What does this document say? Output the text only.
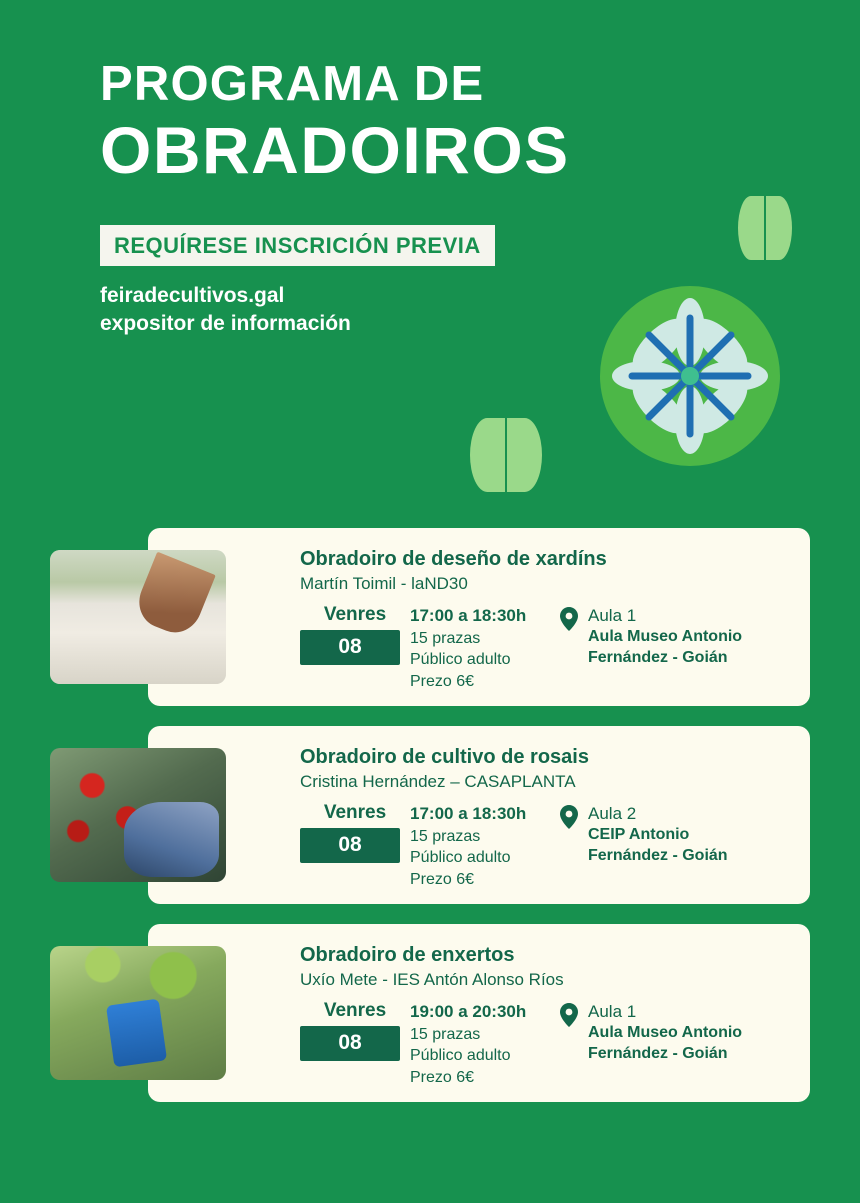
PROGRAMA DE
OBRADOIROS
REQUÍRESE INSCRICIÓN PREVIA
feiradecultivos.gal
expositor de información
Obradoiro de deseño de xardíns
Martín Toimil - laND30
Venres
08
17:00 a 18:30h
15 prazas
Público adulto
Prezo 6€
Aula 1
Aula Museo Antonio
Fernández - Goián
Obradoiro de cultivo de rosais
Cristina Hernández – CASAPLANTA
Venres
08
17:00 a 18:30h
15 prazas
Público adulto
Prezo 6€
Aula 2
CEIP Antonio
Fernández - Goián
Obradoiro de enxertos
Uxío Mete - IES Antón Alonso Ríos
Venres
08
19:00 a 20:30h
15 prazas
Público adulto
Prezo 6€
Aula 1
Aula Museo Antonio
Fernández - Goián
